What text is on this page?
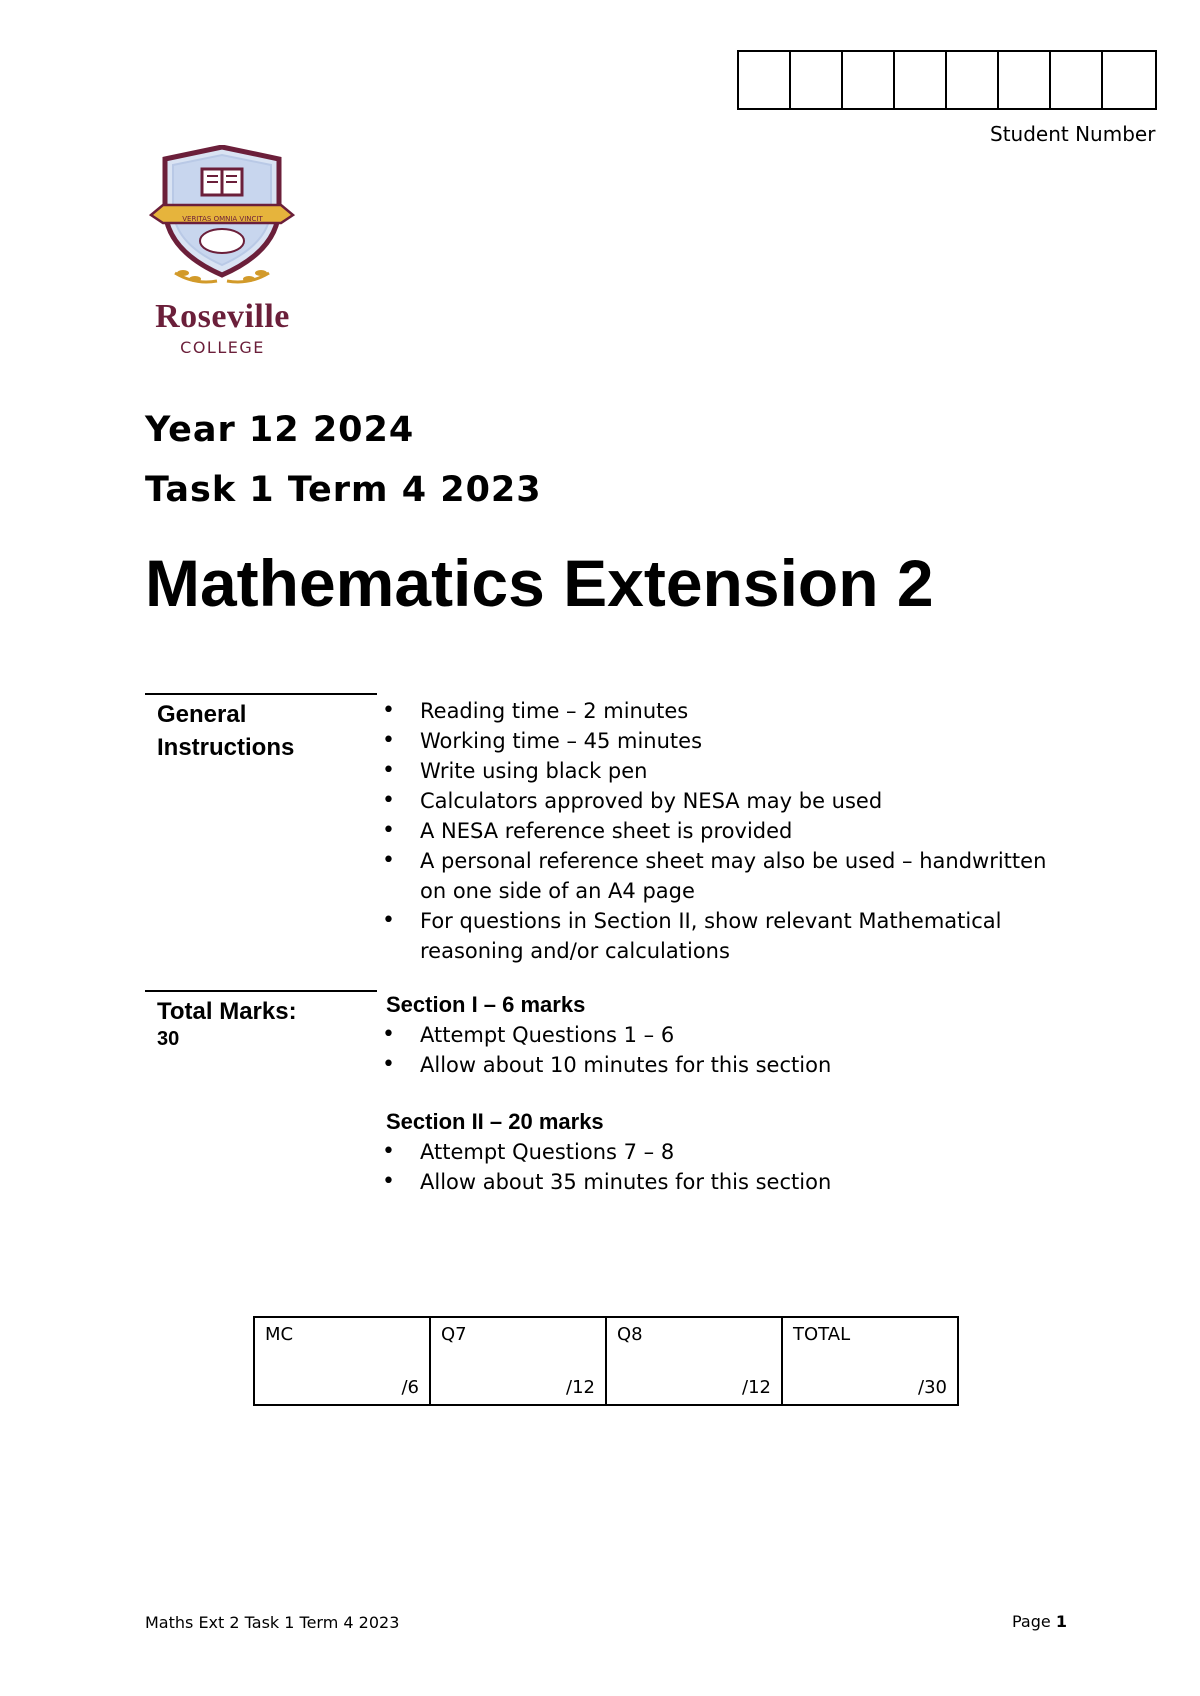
Student Number
VERITAS OMNIA VINCIT
Roseville
COLLEGE
Year 12 2024
Task 1 Term 4 2023
Mathematics Extension 2
General
Instructions
• Reading time – 2 minutes
• Working time – 45 minutes
• Write using black pen
• Calculators approved by NESA may be used
• A NESA reference sheet is provided
• A personal reference sheet may also be used – handwritten on one side of an A4 page
• For questions in Section II, show relevant Mathematical reasoning and/or calculations
Total Marks:
30
Section I – 6 marks
• Attempt Questions 1 – 6
• Allow about 10 minutes for this section
Section II – 20 marks
• Attempt Questions 7 – 8
• Allow about 35 minutes for this section
MC
/6

Q7
/12

Q8
/12

TOTAL
/30
Maths Ext 2 Task 1 Term 4 2023	Page 1
